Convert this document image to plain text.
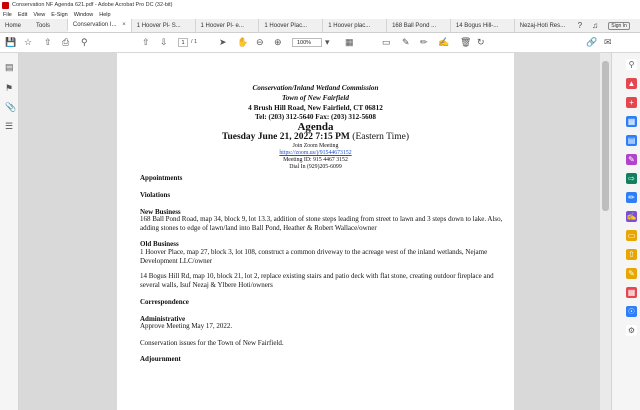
Conservation NF Agenda 621.pdf - Adobe Acrobat Pro DC (32-bit)
File Edit View E-Sign Window Help
Home	Tools	Conservation I... × 1 Hoover Pl- S...	1 Hoover Pl- e...	1 Hoover Plac...	1 Hoover plac...	168 Ball Pond ...	14 Bogus Hill-...	Nezaj-Hoti Res... ? ♫	Sign In
💾 ☆ ⇧ ⎙ ⚲	⇧ ⇩	1	/ 1 ➤ ✋ ⊖ ⊕	100%	▾ ▦	▭ ✎ ✏ ✍ 🗑 ↻	🔗 ✉
▤
⚑
📎
☰
Conservation/Inland Wetland Commission
Town of New Fairfield
4 Brush Hill Road, New Fairfield, CT 06812
Tel: (203) 312-5640 Fax: (203) 312-5608
Agenda
Tuesday June 21, 2022 7:15 PM (Eastern Time)
Join Zoom Meeting
https://zoom.us/j/91544673152
Meeting ID: 915 4467 3152
Dial In (929)205-6099
Appointments
Violations
New Business
168 Ball Pond Road, map 34, block 9, lot 13.3, addition of stone steps leading from street to lawn and 3 steps down to lake. Also, adding stones to edge of lawn/land into Ball Pond, Heather & Robert Wallace/owner
Old Business
1 Hoover Place, map 27, block 3, lot 108, construct a common driveway to the acreage west of the inland wetlands, Nejame Development LLC/owner
14 Bogus Hill Rd, map 10, block 21, lot 2, replace existing stairs and patio deck with flat stone, creating outdoor fireplace and several walls, Isuf Nezaj & Ylbere Hoti/owners
Correspondence
Administrative
Approve Meeting May 17, 2022.
Conservation issues for the Town of New Fairfield.
Adjournment
⚲
▲
+
▦
▤
✎
⇨
✏
✍
▭
⇧
✎
▦
☉
⚙
